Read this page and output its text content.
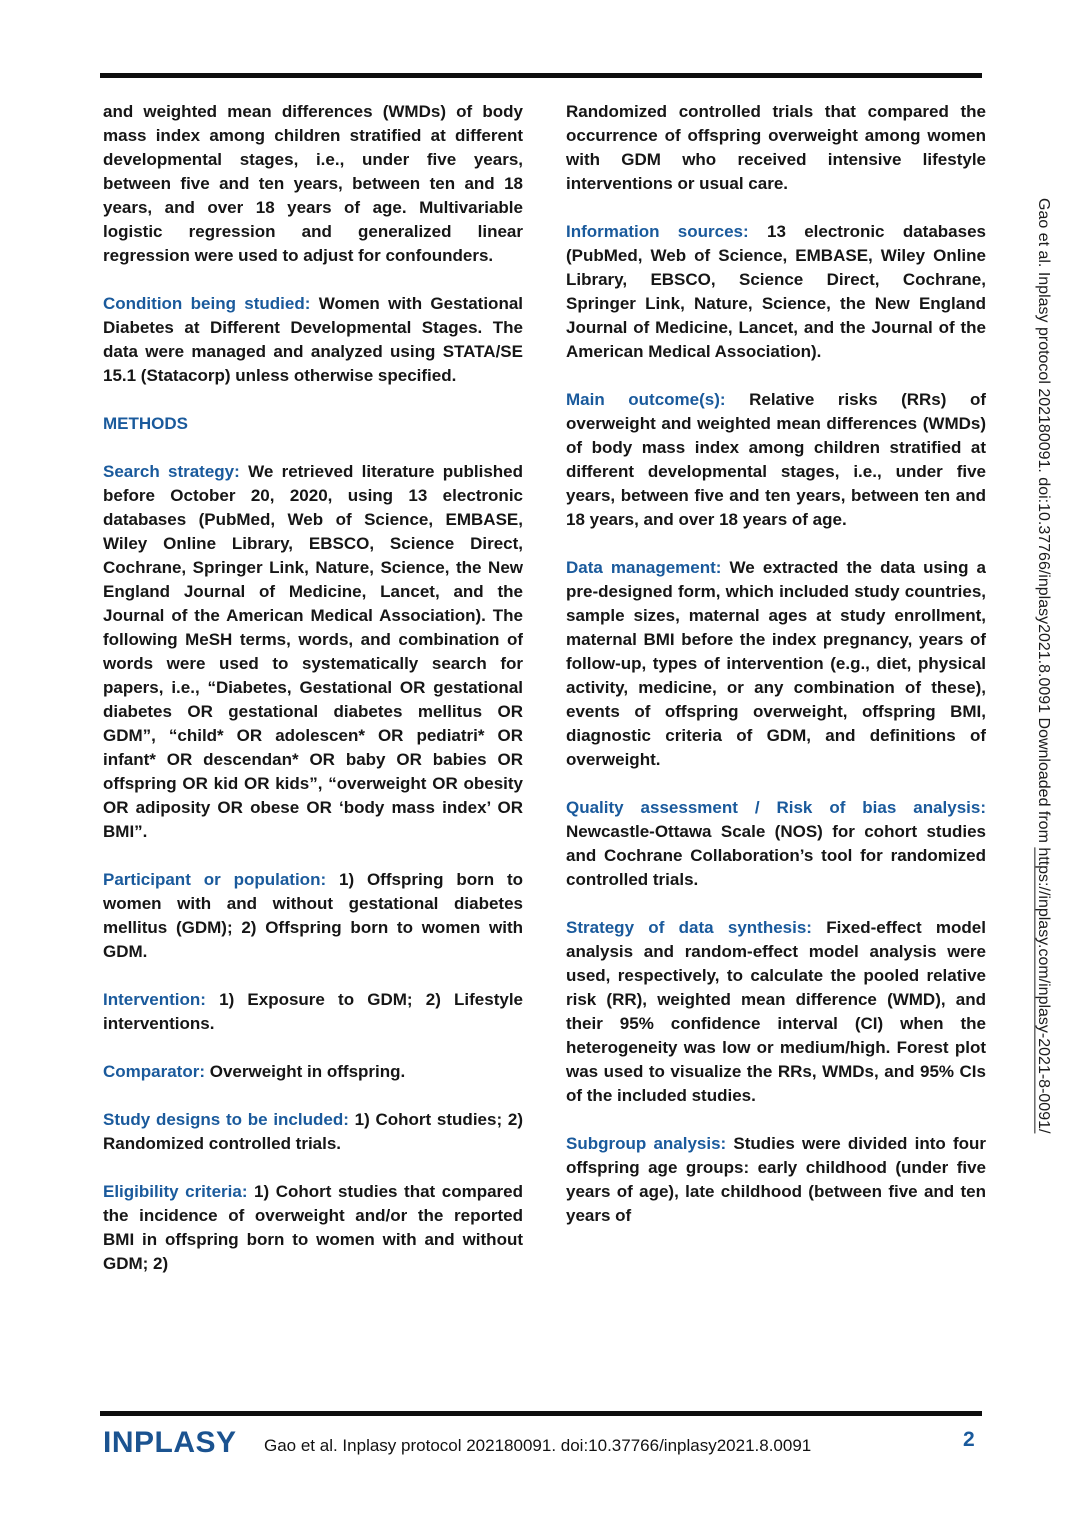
and weighted mean differences (WMDs) of body mass index among children stratified at different developmental stages, i.e., under five years, between five and ten years, between ten and 18 years, and over 18 years of age. Multivariable logistic regression and generalized linear regression were used to adjust for confounders.

Condition being studied: Women with Gestational Diabetes at Different Developmental Stages. The data were managed and analyzed using STATA/SE 15.1 (Statacorp) unless otherwise specified.

METHODS

Search strategy: We retrieved literature published before October 20, 2020, using 13 electronic databases (PubMed, Web of Science, EMBASE, Wiley Online Library, EBSCO, Science Direct, Cochrane, Springer Link, Nature, Science, the New England Journal of Medicine, Lancet, and the Journal of the American Medical Association). The following MeSH terms, words, and combination of words were used to systematically search for papers, i.e., “Diabetes, Gestational OR gestational diabetes OR gestational diabetes mellitus OR GDM”, “child* OR adolescen* OR pediatri* OR infant* OR descendan* OR baby OR babies OR offspring OR kid OR kids”, “overweight OR obesity OR adiposity OR obese OR ‘body mass index’ OR BMI”.

Participant or population: 1) Offspring born to women with and without gestational diabetes mellitus (GDM); 2) Offspring born to women with GDM.

Intervention: 1) Exposure to GDM; 2) Lifestyle interventions.

Comparator: Overweight in offspring.

Study designs to be included: 1) Cohort studies; 2) Randomized controlled trials.

Eligibility criteria: 1) Cohort studies that compared the incidence of overweight and/or the reported BMI in offspring born to women with and without GDM; 2)

Randomized controlled trials that compared the occurrence of offspring overweight among women with GDM who received intensive lifestyle interventions or usual care.

Information sources: 13 electronic databases (PubMed, Web of Science, EMBASE, Wiley Online Library, EBSCO, Science Direct, Cochrane, Springer Link, Nature, Science, the New England Journal of Medicine, Lancet, and the Journal of the American Medical Association).

Main outcome(s): Relative risks (RRs) of overweight and weighted mean differences (WMDs) of body mass index among children stratified at different developmental stages, i.e., under five years, between five and ten years, between ten and 18 years, and over 18 years of age.

Data management: We extracted the data using a pre-designed form, which included study countries, sample sizes, maternal ages at study enrollment, maternal BMI before the index pregnancy, years of follow-up, types of intervention (e.g., diet, physical activity, medicine, or any combination of these), events of offspring overweight, offspring BMI, diagnostic criteria of GDM, and definitions of overweight.

Quality assessment / Risk of bias analysis: Newcastle-Ottawa Scale (NOS) for cohort studies and Cochrane Collaboration’s tool for randomized controlled trials.

Strategy of data synthesis: Fixed-effect model analysis and random-effect model analysis were used, respectively, to calculate the pooled relative risk (RR), weighted mean difference (WMD), and their 95% confidence interval (CI) when the heterogeneity was low or medium/high. Forest plot was used to visualize the RRs, WMDs, and 95% CIs of the included studies.

Subgroup analysis: Studies were divided into four offspring age groups: early childhood (under five years of age), late childhood (between five and ten years of

Gao et al. Inplasy protocol 202180091. doi:10.37766/inplasy2021.8.0091 Downloaded from https://inplasy.com/inplasy-2021-8-0091/
INPLASY Gao et al. Inplasy protocol 202180091. doi:10.37766/inplasy2021.8.0091	2
